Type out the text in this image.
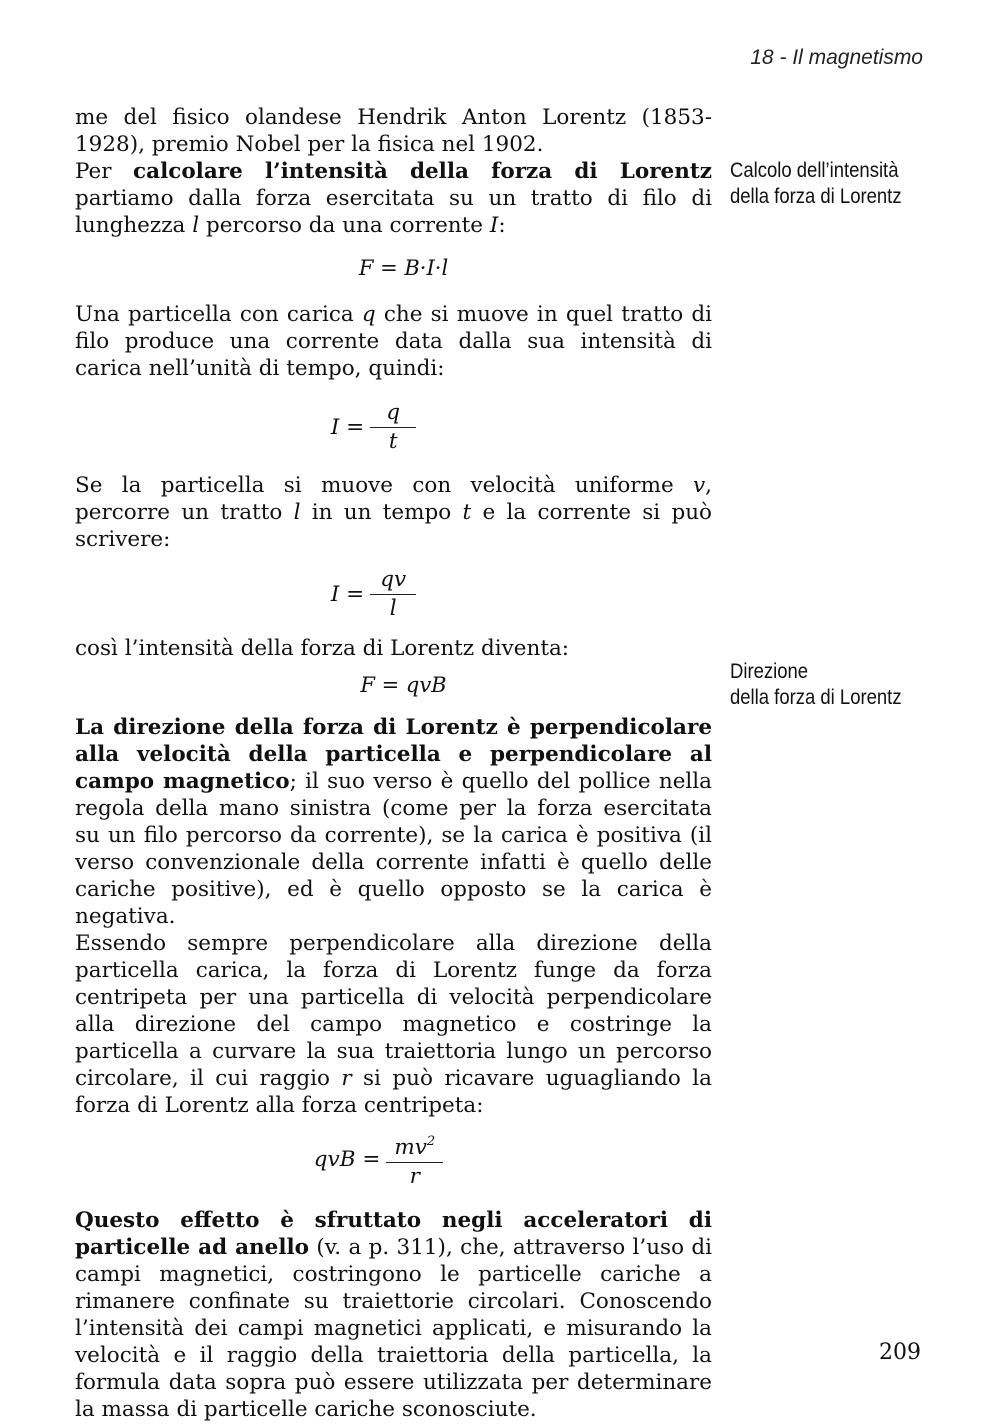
18 - Il magnetismo

me del fisico olandese Hendrik Anton Lorentz (1853-1928), premio Nobel per la fisica nel 1902.

Per calcolare l’intensità della forza di Lorentz partiamo dalla forza esercitata su un tratto di filo di lunghezza l percorso da una corrente I:

F = B·I·l

Una particella con carica q che si muove in quel tratto di filo produce una corrente data dalla sua intensità di carica nell’unità di tempo, quindi:

$I = \frac{q}{t}$

Se la particella si muove con velocità uniforme v, percorre un tratto l in un tempo t e la corrente si può scrivere:

$I = \frac{qv}{l}$

così l’intensità della forza di Lorentz diventa:

F = qvB

La direzione della forza di Lorentz è perpendicolare alla velocità della particella e perpendicolare al campo magnetico; il suo verso è quello del pollice nella regola della mano sinistra (come per la forza esercitata su un filo percorso da corrente), se la carica è positiva (il verso convenzionale della corrente infatti è quello delle cariche positive), ed è quello opposto se la carica è negativa.

Essendo sempre perpendicolare alla direzione della particella carica, la forza di Lorentz funge da forza centripeta per una particella di velocità perpendicolare alla direzione del campo magnetico e costringe la particella a curvare la sua traiettoria lungo un percorso circolare, il cui raggio r si può ricavare uguagliando la forza di Lorentz alla forza centripeta:

qvB = $\frac{mv^2}{r}$

Questo effetto è sfruttato negli acceleratori di particelle ad anello (v. a p. 311), che, attraverso l’uso di campi magnetici, costringono le particelle cariche a rimanere confinate su traiettorie circolari. Conoscendo l’intensità dei campi magnetici applicati, e misurando la velocità e il raggio della traiettoria della particella, la formula data sopra può essere utilizzata per determinare la massa di particelle cariche sconosciute.

Calcolo dell’intensità
della forza di Lorentz
Direzione
della forza di Lorentz
209
